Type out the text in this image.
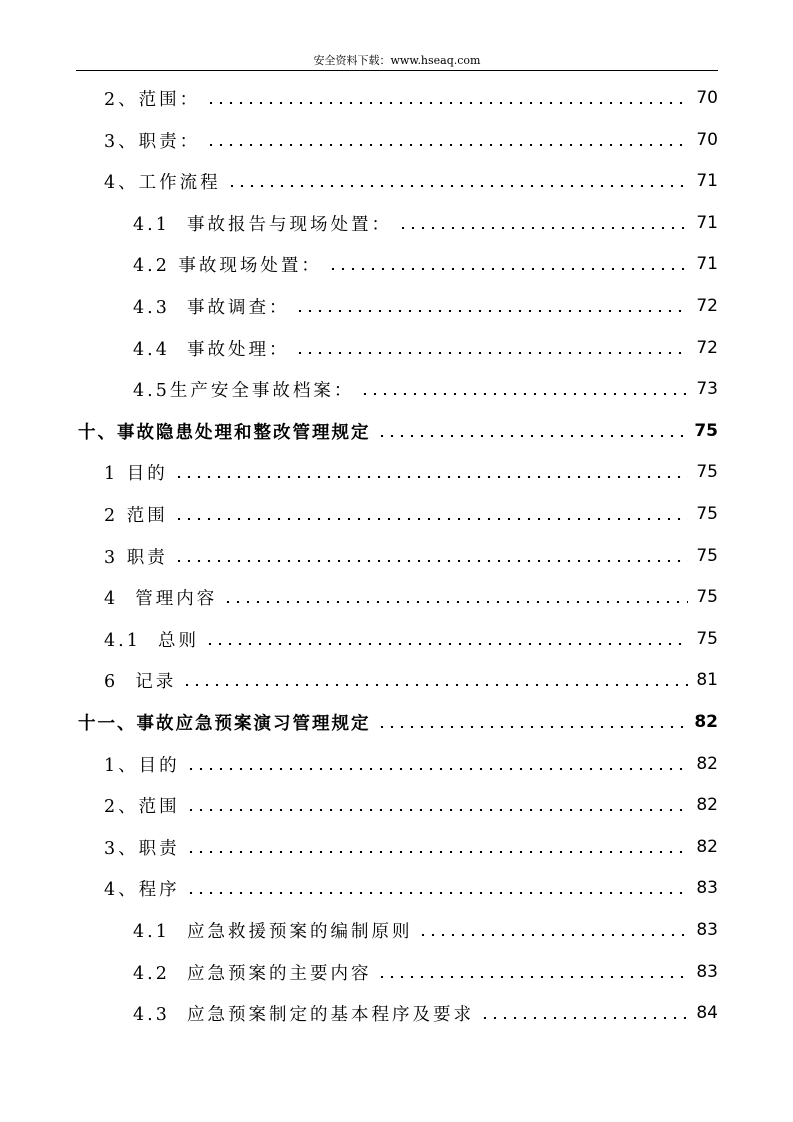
安全资料下载：www.hseaq.com
2、范围：	70
3、职责：	70
4、工作流程	71
4.1  事故报告与现场处置：	71
4.2 事故现场处置：	71
4.3  事故调查：	72
4.4  事故处理：	72
4.5生产安全事故档案：	73
十、事故隐患处理和整改管理规定	75
1 目的	75
2 范围	75
3 职责	75
4  管理内容	75
4.1  总则	75
6  记录	81
十一、事故应急预案演习管理规定	82
1、目的	82
2、范围	82
3、职责	82
4、程序	83
4.1  应急救援预案的编制原则	83
4.2  应急预案的主要内容	83
4.3  应急预案制定的基本程序及要求	84
